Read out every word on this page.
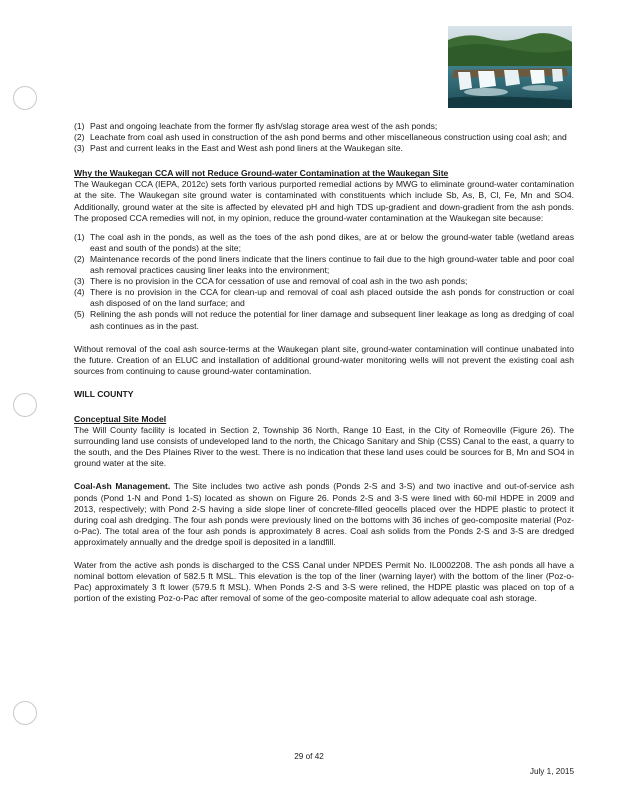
(1) Past and ongoing leachate from the former fly ash/slag storage area west of the ash ponds;
(2) Leachate from coal ash used in construction of the ash pond berms and other miscellaneous construction using coal ash; and
(3) Past and current leaks in the East and West ash pond liners at the Waukegan site.
Why the Waukegan CCA will not Reduce Ground-water Contamination at the Waukegan Site

The Waukegan CCA (IEPA, 2012c) sets forth various purported remedial actions by MWG to eliminate ground-water contamination at the site. The Waukegan site ground water is contaminated with constituents which include Sb, As, B, Cl, Fe, Mn and SO4. Additionally, ground water at the site is affected by elevated pH and high TDS up-gradient and down-gradient from the ash ponds. The proposed CCA remedies will not, in my opinion, reduce the ground-water contamination at the Waukegan site because:

(1) The coal ash in the ponds, as well as the toes of the ash pond dikes, are at or below the ground-water table (wetland areas east and south of the ponds) at the site;
(2) Maintenance records of the pond liners indicate that the liners continue to fail due to the high ground-water table and poor coal ash removal practices causing liner leaks into the environment;
(3) There is no provision in the CCA for cessation of use and removal of coal ash in the two ash ponds;
(4) There is no provision in the CCA for clean-up and removal of coal ash placed outside the ash ponds for construction or coal ash disposed of on the land surface; and
(5) Relining the ash ponds will not reduce the potential for liner damage and subsequent liner leakage as long as dredging of coal ash continues as in the past.

Without removal of the coal ash source-terms at the Waukegan plant site, ground-water contamination will continue unabated into the future. Creation of an ELUC and installation of additional ground-water monitoring wells will not prevent the existing coal ash sources from continuing to cause ground-water contamination.

WILL COUNTY
Conceptual Site Model

The Will County facility is located in Section 2, Township 36 North, Range 10 East, in the City of Romeoville (Figure 26). The surrounding land use consists of undeveloped land to the north, the Chicago Sanitary and Ship (CSS) Canal to the east, a quarry to the south, and the Des Plaines River to the west. There is no indication that these land uses could be sources for B, Mn and SO4 in ground water at the site.

Coal-Ash Management. The Site includes two active ash ponds (Ponds 2-S and 3-S) and two inactive and out-of-service ash ponds (Pond 1-N and Pond 1-S) located as shown on Figure 26. Ponds 2-S and 3-S were lined with 60-mil HDPE in 2009 and 2013, respectively; with Pond 2-S having a side slope liner of concrete-filled geocells placed over the HDPE plastic to protect it during coal ash dredging. The four ash ponds were previously lined on the bottoms with 36 inches of geo-composite material (Poz-o-Pac). The total area of the four ash ponds is approximately 8 acres. Coal ash solids from the Ponds 2-S and 3-S are dredged approximately annually and the dredge spoil is deposited in a landfill.

Water from the active ash ponds is discharged to the CSS Canal under NPDES Permit No. IL0002208. The ash ponds all have a nominal bottom elevation of 582.5 ft MSL. This elevation is the top of the liner (warning layer) with the bottom of the liner (Poz-o-Pac) approximately 3 ft lower (579.5 ft MSL). When Ponds 2-S and 3-S were relined, the HDPE plastic was placed on top of a portion of the existing Poz-o-Pac after removal of some of the geo-composite material to allow adequate coal ash storage.

29 of 42
July 1, 2015
